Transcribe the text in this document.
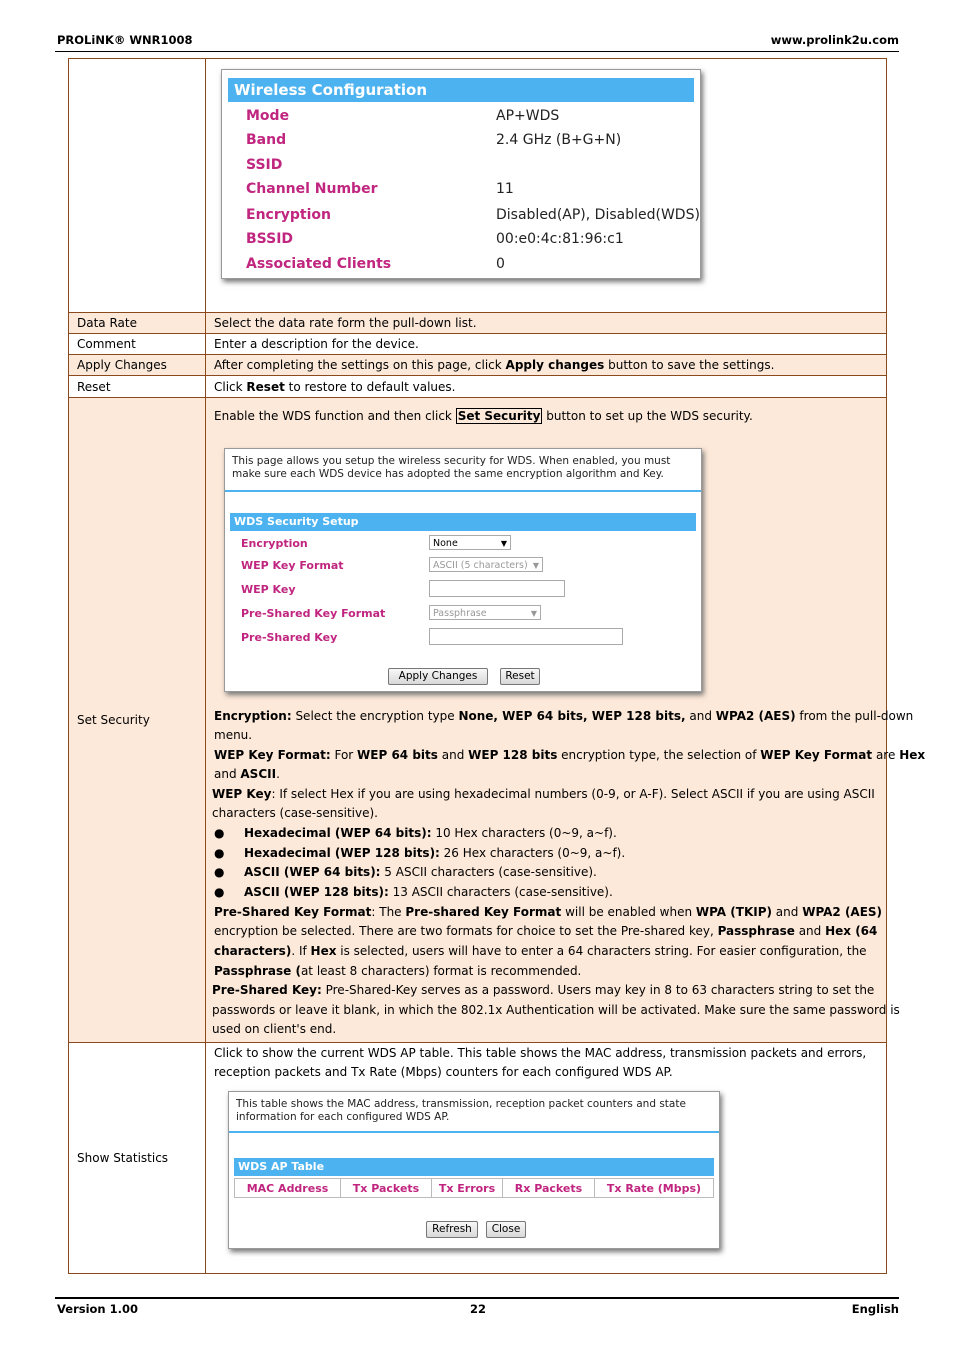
PROLiNK® WNR1008	www.prolink2u.com
Wireless Configuration
Mode	AP+WDS
Band	2.4 GHz (B+G+N)
SSID
Channel Number	11
Encryption	Disabled(AP), Disabled(WDS)
BSSID	00:e0:4c:81:96:c1
Associated Clients	0
Data Rate	Select the data rate form the pull-down list.
Comment	Enter a description for the device.
Apply Changes	After completing the settings on this page, click Apply changes button to save the settings.
Reset	Click Reset to restore to default values.
Set Security
Enable the WDS function and then click Set Security button to set up the WDS security.
This page allows you setup the wireless security for WDS. When enabled, you must make sure each WDS device has adopted the same encryption algorithm and Key.
WDS Security Setup
Encryption	None	▼
WEP Key Format	ASCII (5 characters) ▼
WEP Key
Pre-Shared Key Format	Passphrase	▼
Pre-Shared Key
Apply Changes	Reset
Encryption: Select the encryption type None, WEP 64 bits, WEP 128 bits, and WPA2 (AES) from the pull-down
menu.
WEP Key Format: For WEP 64 bits and WEP 128 bits encryption type, the selection of WEP Key Format are Hex
and ASCII.
WEP Key: If select Hex if you are using hexadecimal numbers (0-9, or A-F). Select ASCII if you are using ASCII
characters (case-sensitive).
● Hexadecimal (WEP 64 bits): 10 Hex characters (0~9, a~f).
● Hexadecimal (WEP 128 bits): 26 Hex characters (0~9, a~f).
● ASCII (WEP 64 bits): 5 ASCII characters (case-sensitive).
● ASCII (WEP 128 bits): 13 ASCII characters (case-sensitive).
Pre-Shared Key Format: The Pre-shared Key Format will be enabled when WPA (TKIP) and WPA2 (AES)
encryption be selected. There are two formats for choice to set the Pre-shared key, Passphrase and Hex (64
characters). If Hex is selected, users will have to enter a 64 characters string. For easier configuration, the
Passphrase (at least 8 characters) format is recommended.
Pre-Shared Key: Pre-Shared-Key serves as a password. Users may key in 8 to 63 characters string to set the
passwords or leave it blank, in which the 802.1x Authentication will be activated. Make sure the same password is
used on client's end.
Show Statistics
Click to show the current WDS AP table. This table shows the MAC address, transmission packets and errors,
reception packets and Tx Rate (Mbps) counters for each configured WDS AP.
This table shows the MAC address, transmission, reception packet counters and state information for each configured WDS AP.
WDS AP Table
MAC Address	Tx Packets	Tx Errors	Rx Packets	Tx Rate (Mbps)
Refresh	Close
Version 1.00	22	English
